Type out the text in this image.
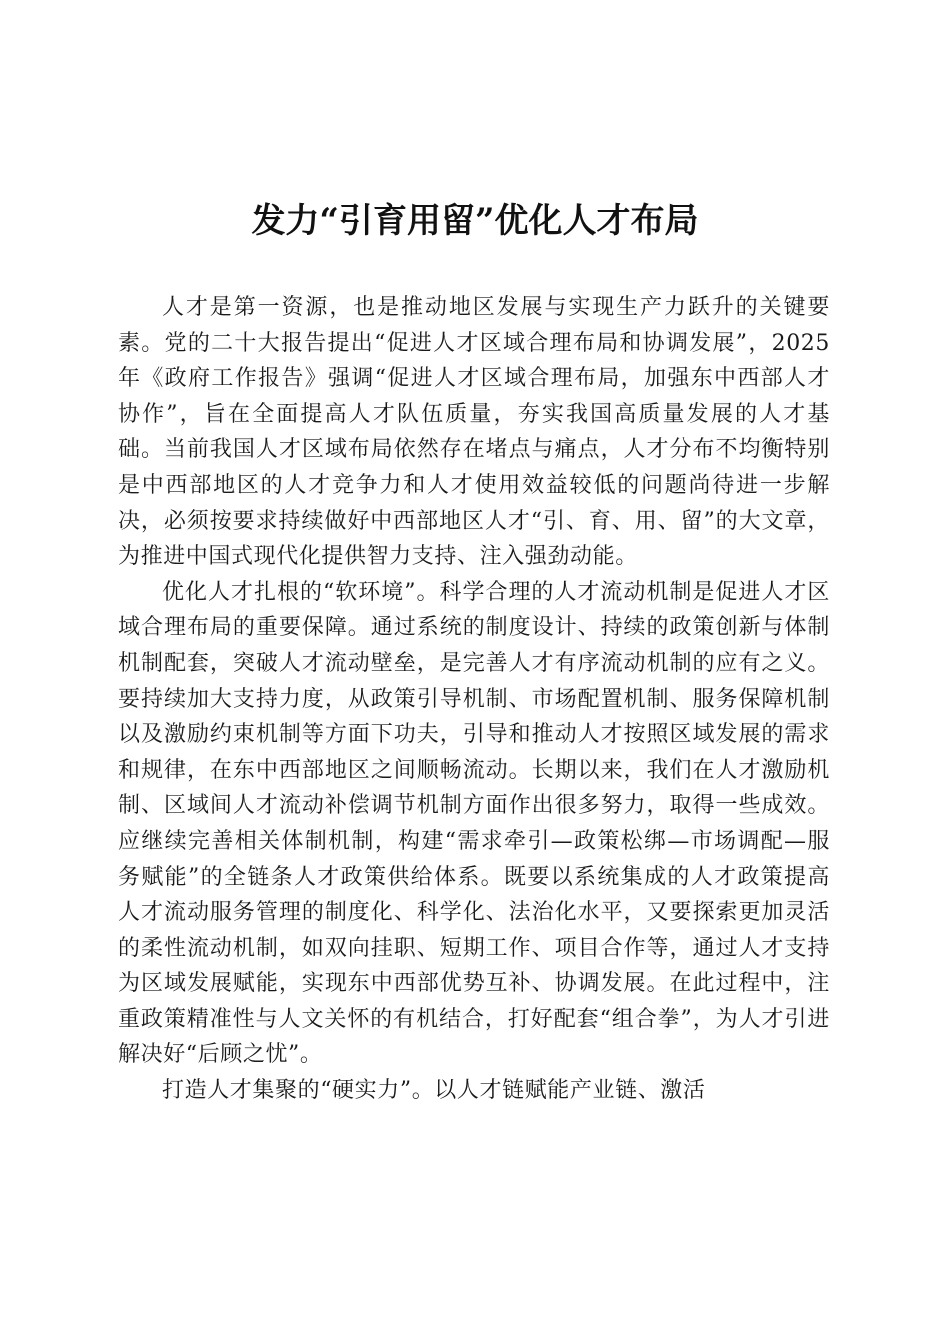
发力“引育用留”优化人才布局

人才是第一资源，也是推动地区发展与实现生产力跃升的关键要素。党的二十大报告提出“促进人才区域合理布局和协调发展”，2025年《政府工作报告》强调“促进人才区域合理布局，加强东中西部人才协作”，旨在全面提高人才队伍质量，夯实我国高质量发展的人才基础。当前我国人才区域布局依然存在堵点与痛点，人才分布不均衡特别是中西部地区的人才竞争力和人才使用效益较低的问题尚待进一步解决，必须按要求持续做好中西部地区人才“引、育、用、留”的大文章，为推进中国式现代化提供智力支持、注入强劲动能。

优化人才扎根的“软环境”。科学合理的人才流动机制是促进人才区域合理布局的重要保障。通过系统的制度设计、持续的政策创新与体制机制配套，突破人才流动壁垒，是完善人才有序流动机制的应有之义。要持续加大支持力度，从政策引导机制、市场配置机制、服务保障机制以及激励约束机制等方面下功夫，引导和推动人才按照区域发展的需求和规律，在东中西部地区之间顺畅流动。长期以来，我们在人才激励机制、区域间人才流动补偿调节机制方面作出很多努力，取得一些成效。应继续完善相关体制机制，构建“需求牵引—政策松绑—市场调配—服务赋能”的全链条人才政策供给体系。既要以系统集成的人才政策提高人才流动服务管理的制度化、科学化、法治化水平，又要探索更加灵活的柔性流动机制，如双向挂职、短期工作、项目合作等，通过人才支持为区域发展赋能，实现东中西部优势互补、协调发展。在此过程中，注重政策精准性与人文关怀的有机结合，打好配套“组合拳”，为人才引进解决好“后顾之忧”。

打造人才集聚的“硬实力”。以人才链赋能产业链、激活
